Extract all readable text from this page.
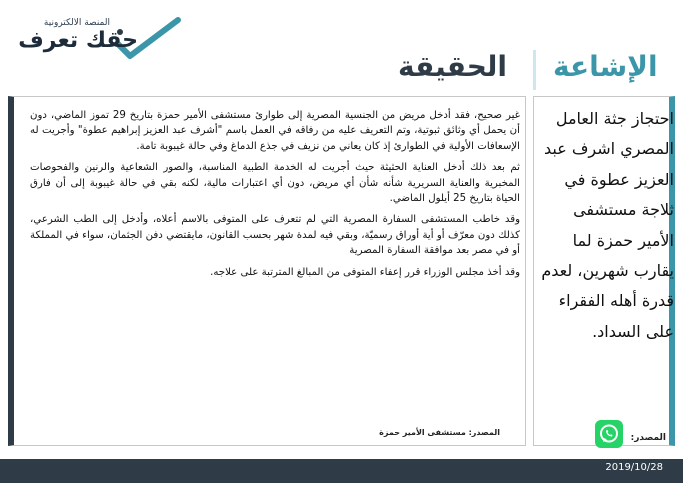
المنصة الالكترونية
حقك تعرف
الإشاعة
الحقيقة

غير صحيح، فقد أدخل مريض من الجنسية المصرية إلى طوارئ مستشفى الأمير حمزة بتاريخ 29 تموز الماضي، دون أن يحمل أي وثائق ثبوتية، وتم التعريف عليه من رفاقه في العمل باسم "أشرف عبد العزيز إبراهيم عطوة" وأجريت له الإسعافات الأولية في الطوارئ إذ كان يعاني من نزيف في جذع الدماغ وفي حالة غيبوبة تامة.

ثم بعد ذلك أدخل العناية الحثيثة حيث أجريت له الخدمة الطبية المناسبة، والصور الشعاعية والرنين والفحوصات المخبرية والعناية السريرية شأنه شأن أي مريض، دون أي اعتبارات مالية، لكنه بقي في حالة غيبوبة إلى أن فارق الحياة بتاريخ 25 أيلول الماضي.

وقد خاطب المستشفى السفارة المصرية التي لم تتعرف على المتوفى بالاسم أعلاه، وأدخل إلى الطب الشرعي، كذلك دون معرّف أو أية أوراق رسميّة، وبقي فيه لمدة شهر بحسب القانون، مايقتضي دفن الجثمان، سواء في المملكة أو في مصر بعد موافقة السفارة المصرية

وقد أخذ مجلس الوزراء قرر إعفاء المتوفى من المبالغ المترتبة على علاجه.

المصدر: مستشفى الأمير حمزة
احتجاز جثة العامل المصري اشرف عبد العزيز عطوة في ثلاجة مستشفى الأمير حمزة لما يقارب شهرين، لعدم قدرة أهله الفقراء على السداد.
المصدر:
2019/10/28
